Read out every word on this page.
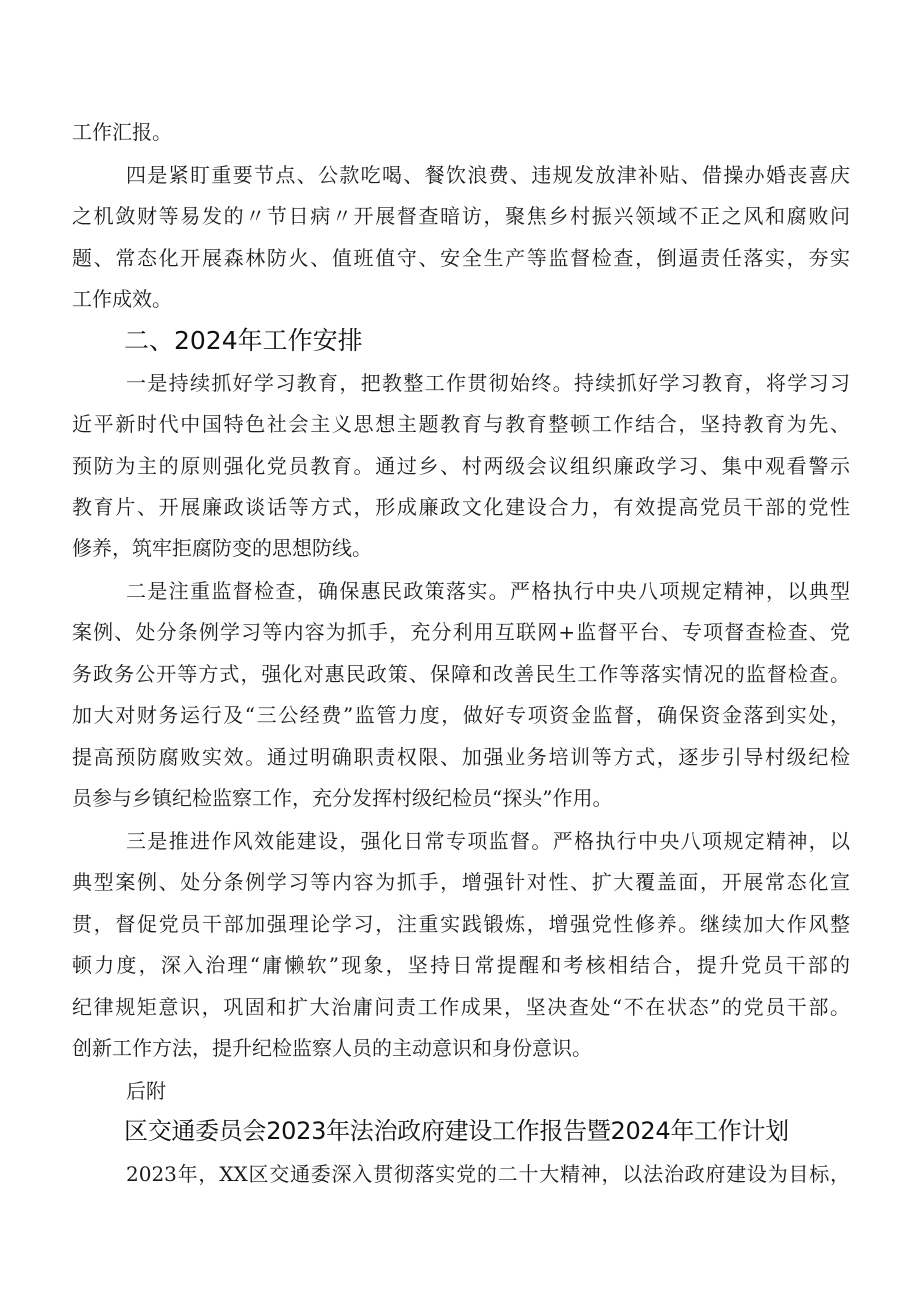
工作汇报。
四是紧盯重要节点、公款吃喝、餐饮浪费、违规发放津补贴、借操办婚丧喜庆
之机敛财等易发的〃节日病〃开展督查暗访，聚焦乡村振兴领域不正之风和腐败问
题、常态化开展森林防火、值班值守、安全生产等监督检查，倒逼责任落实，夯实
工作成效。
二、2024年工作安排
一是持续抓好学习教育，把教整工作贯彻始终。持续抓好学习教育，将学习习
近平新时代中国特色社会主义思想主题教育与教育整顿工作结合，坚持教育为先、
预防为主的原则强化党员教育。通过乡、村两级会议组织廉政学习、集中观看警示
教育片、开展廉政谈话等方式，形成廉政文化建设合力，有效提高党员干部的党性
修养，筑牢拒腐防变的思想防线。
二是注重监督检查，确保惠民政策落实。严格执行中央八项规定精神，以典型
案例、处分条例学习等内容为抓手，充分利用互联网+监督平台、专项督查检查、党
务政务公开等方式，强化对惠民政策、保障和改善民生工作等落实情况的监督检查。
加大对财务运行及“三公经费”监管力度，做好专项资金监督，确保资金落到实处，
提高预防腐败实效。通过明确职责权限、加强业务培训等方式，逐步引导村级纪检
员参与乡镇纪检监察工作，充分发挥村级纪检员“探头”作用。
三是推进作风效能建设，强化日常专项监督。严格执行中央八项规定精神，以
典型案例、处分条例学习等内容为抓手，增强针对性、扩大覆盖面，开展常态化宣
贯，督促党员干部加强理论学习，注重实践锻炼，增强党性修养。继续加大作风整
顿力度，深入治理“庸懒软”现象，坚持日常提醒和考核相结合，提升党员干部的
纪律规矩意识，巩固和扩大治庸问责工作成果，坚决查处“不在状态”的党员干部。
创新工作方法，提升纪检监察人员的主动意识和身份意识。
后附
区交通委员会2023年法治政府建设工作报告暨2024年工作计划
2023年，XX区交通委深入贯彻落实党的二十大精神，以法治政府建设为目标，
